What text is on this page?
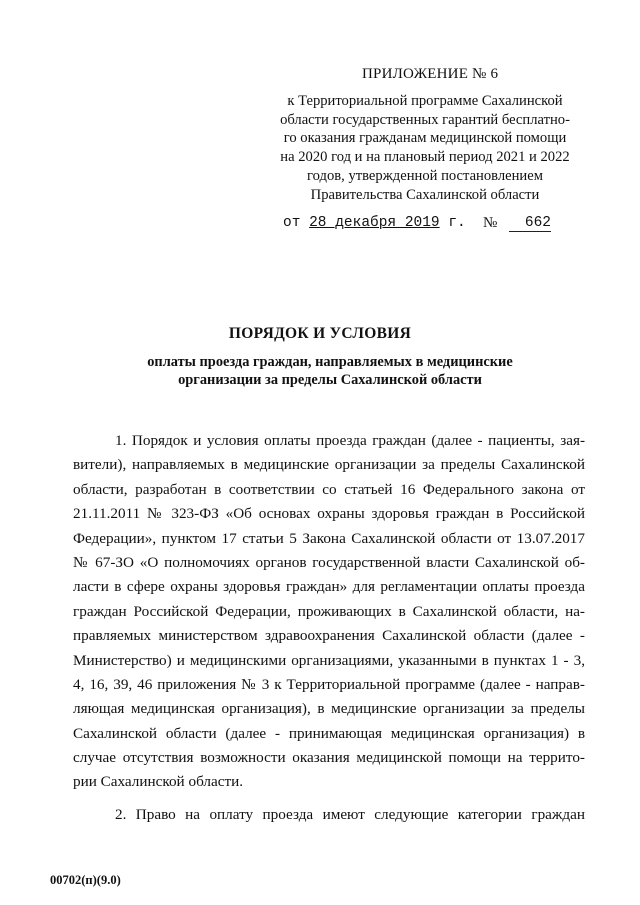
ПРИЛОЖЕНИЕ № 6
к Территориальной программе Сахалинской
области государственных гарантий бесплатно-
го оказания гражданам медицинской помощи
на 2020 год и на плановый период 2021 и 2022
годов, утвержденной постановлением
Правительства Сахалинской области
от 28 декабря 2019 г. №	662
ПОРЯДОК И УСЛОВИЯ
оплаты проезда граждан, направляемых в медицинские
организации за пределы Сахалинской области
1. Порядок и условия оплаты проезда граждан (далее - пациенты, зая-
вители), направляемых в медицинские организации за пределы Сахалинской
области, разработан в соответствии со статьей 16 Федерального закона от
21.11.2011 № 323-ФЗ «Об основах охраны здоровья граждан в Российской
Федерации», пунктом 17 статьи 5 Закона Сахалинской области от 13.07.2017
№ 67-ЗО «О полномочиях органов государственной власти Сахалинской об-
ласти в сфере охраны здоровья граждан» для регламентации оплаты проезда
граждан Российской Федерации, проживающих в Сахалинской области, на-
правляемых министерством здравоохранения Сахалинской области (далее -
Министерство) и медицинскими организациями, указанными в пунктах 1 - 3,
4, 16, 39, 46 приложения № 3 к Территориальной программе (далее - направ-
ляющая медицинская организация), в медицинские организации за пределы
Сахалинской области (далее - принимающая медицинская организация) в
случае отсутствия возможности оказания медицинской помощи на террито-
рии Сахалинской области.
2. Право на оплату проезда имеют следующие категории граждан
00702(п)(9.0)
